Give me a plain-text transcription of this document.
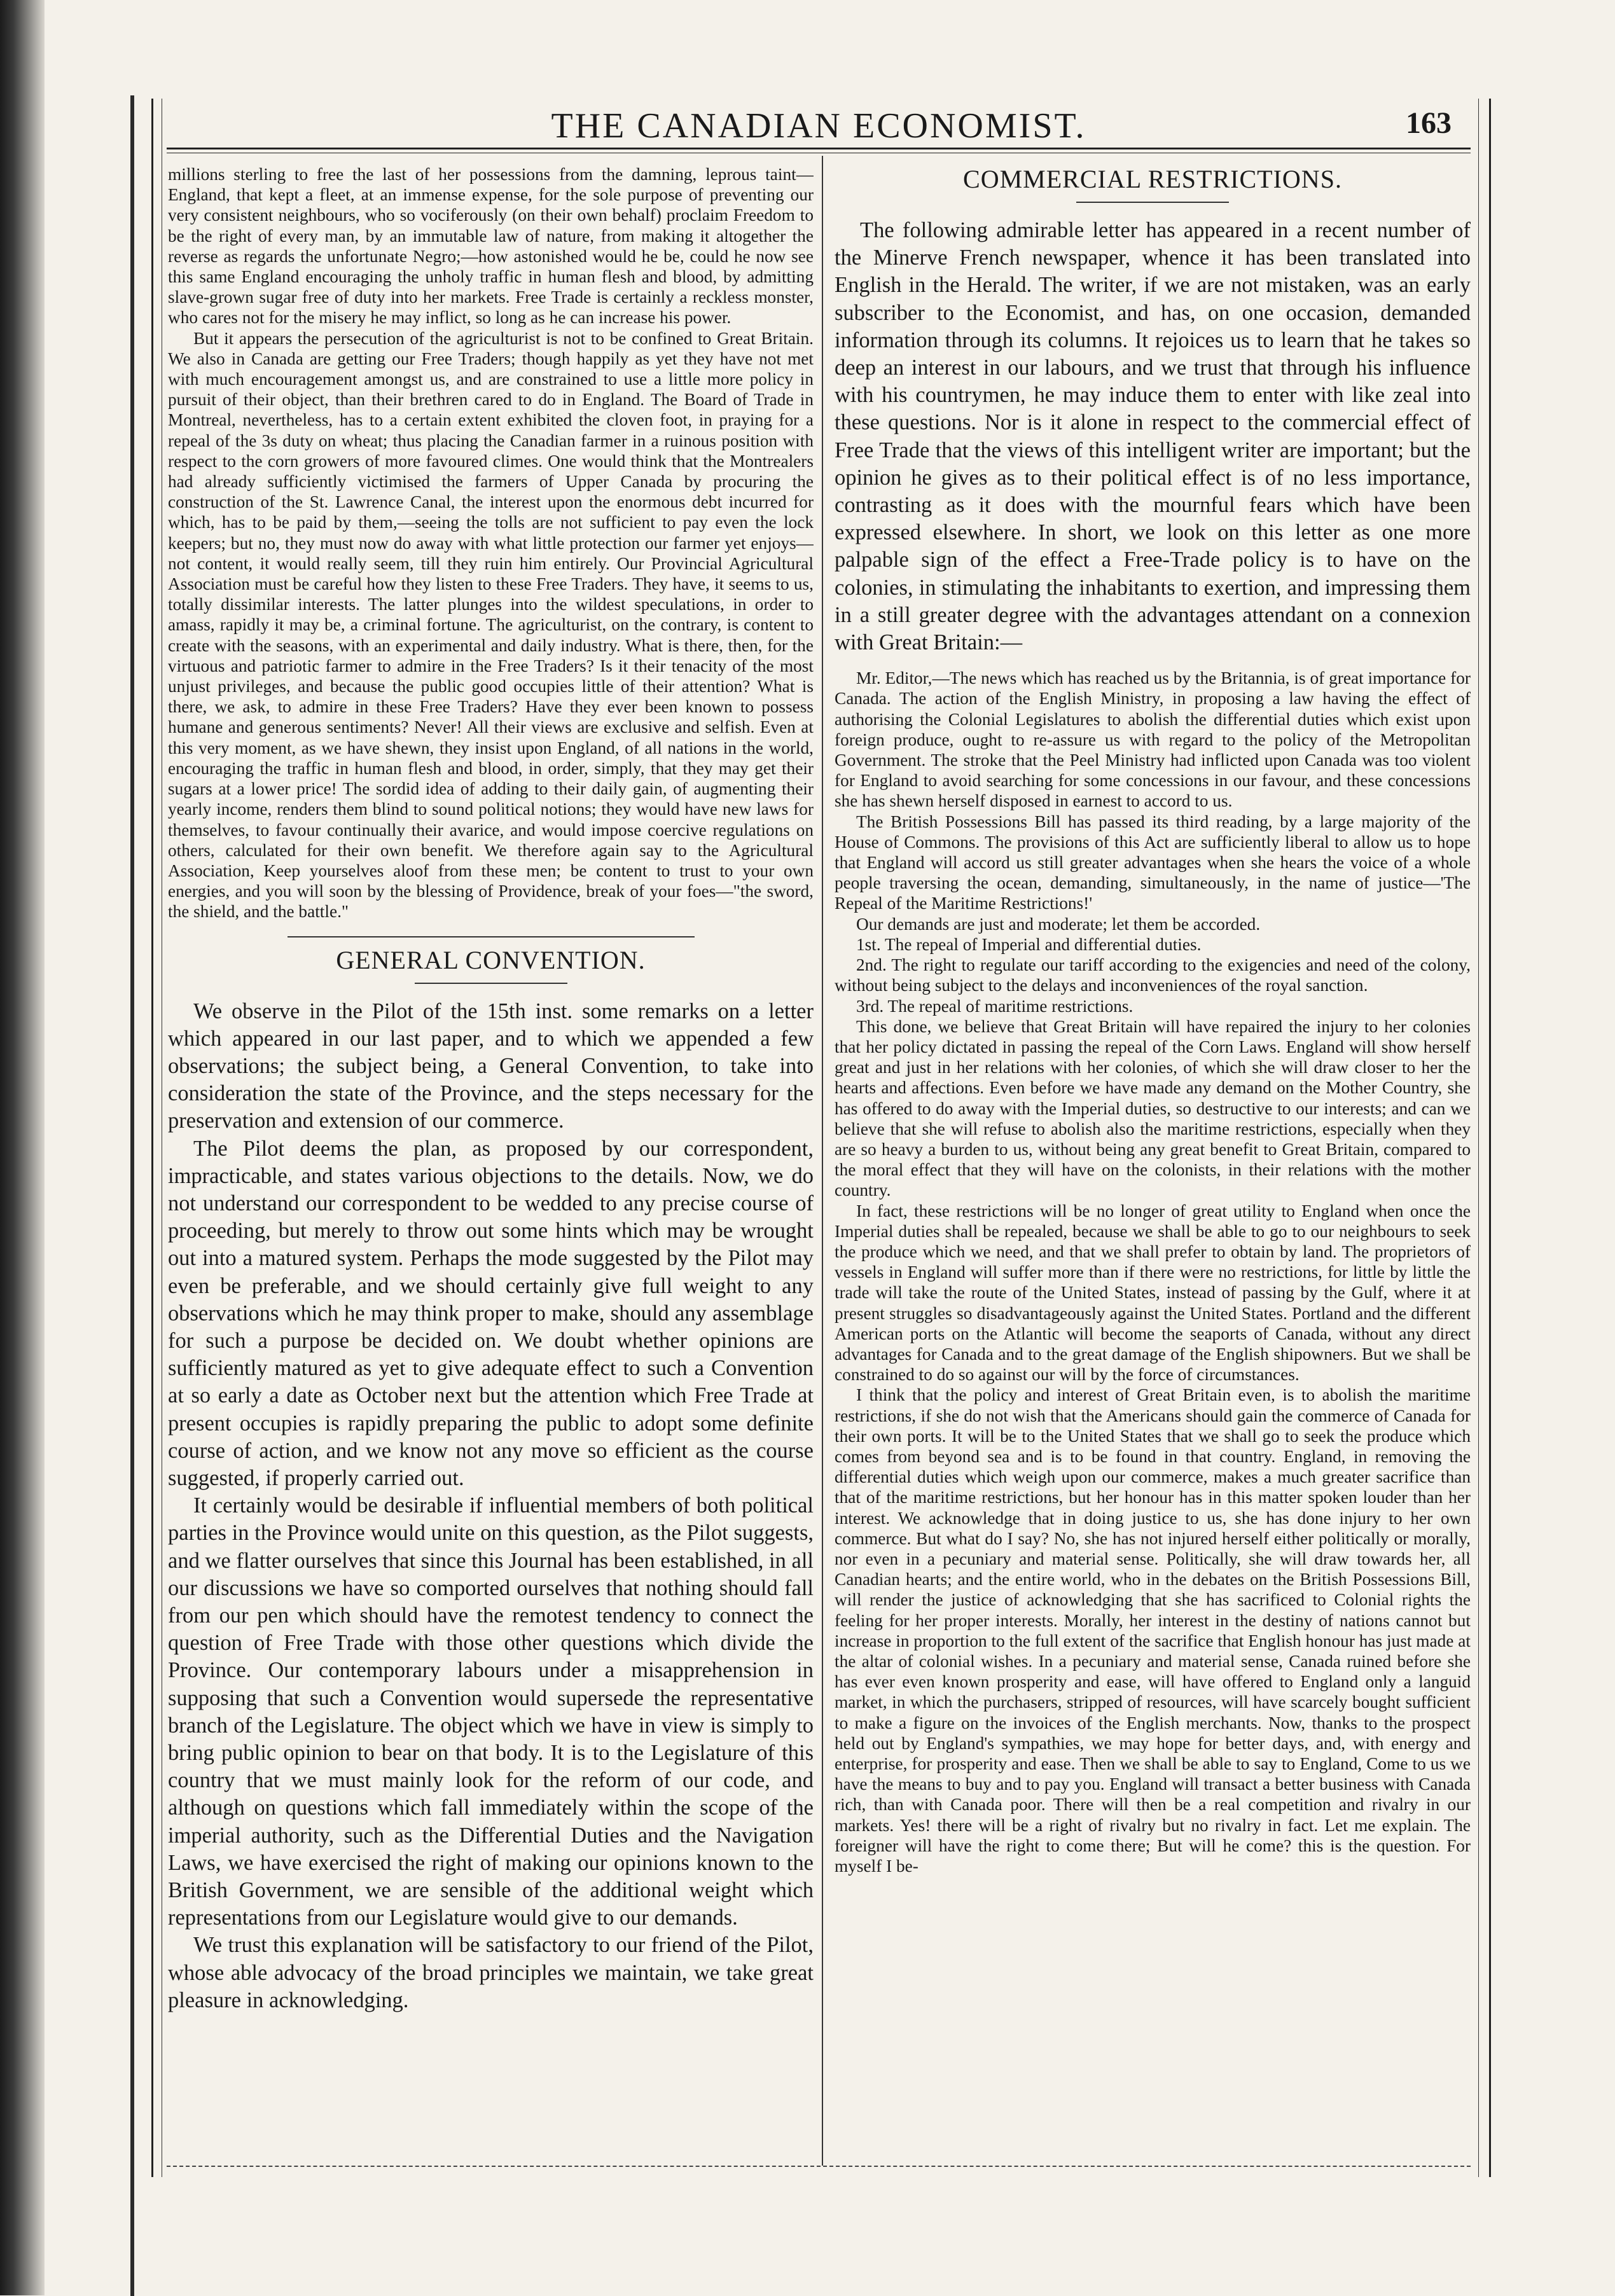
THE CANADIAN ECONOMIST.	163

millions sterling to free the last of her possessions from the damning, leprous taint—England, that kept a fleet, at an immense expense, for the sole purpose of preventing our very consistent neighbours, who so vociferously (on their own behalf) proclaim Freedom to be the right of every man, by an immutable law of nature, from making it altogether the reverse as regards the unfortunate Negro;—how astonished would he be, could he now see this same England encouraging the unholy traffic in human flesh and blood, by admitting slave-grown sugar free of duty into her markets. Free Trade is certainly a reckless monster, who cares not for the misery he may inflict, so long as he can increase his power.

But it appears the persecution of the agriculturist is not to be confined to Great Britain. We also in Canada are getting our Free Traders; though happily as yet they have not met with much encouragement amongst us, and are constrained to use a little more policy in pursuit of their object, than their brethren cared to do in England. The Board of Trade in Montreal, nevertheless, has to a certain extent exhibited the cloven foot, in praying for a repeal of the 3s duty on wheat; thus placing the Canadian farmer in a ruinous position with respect to the corn growers of more favoured climes. One would think that the Montrealers had already sufficiently victimised the farmers of Upper Canada by procuring the construction of the St. Lawrence Canal, the interest upon the enormous debt incurred for which, has to be paid by them,—seeing the tolls are not sufficient to pay even the lock keepers; but no, they must now do away with what little protection our farmer yet enjoys—not content, it would really seem, till they ruin him entirely. Our Provincial Agricultural Association must be careful how they listen to these Free Traders. They have, it seems to us, totally dissimilar interests. The latter plunges into the wildest speculations, in order to amass, rapidly it may be, a criminal fortune. The agriculturist, on the contrary, is content to create with the seasons, with an experimental and daily industry. What is there, then, for the virtuous and patriotic farmer to admire in the Free Traders? Is it their tenacity of the most unjust privileges, and because the public good occupies little of their attention? What is there, we ask, to admire in these Free Traders? Have they ever been known to possess humane and generous sentiments? Never! All their views are exclusive and selfish. Even at this very moment, as we have shewn, they insist upon England, of all nations in the world, encouraging the traffic in human flesh and blood, in order, simply, that they may get their sugars at a lower price! The sordid idea of adding to their daily gain, of augmenting their yearly income, renders them blind to sound political notions; they would have new laws for themselves, to favour continually their avarice, and would impose coercive regulations on others, calculated for their own benefit. We therefore again say to the Agricultural Association, Keep yourselves aloof from these men; be content to trust to your own energies, and you will soon by the blessing of Providence, break of your foes—"the sword, the shield, and the battle."

GENERAL CONVENTION.

We observe in the Pilot of the 15th inst. some remarks on a letter which appeared in our last paper, and to which we appended a few observations; the subject being, a General Convention, to take into consideration the state of the Province, and the steps necessary for the preservation and extension of our commerce.

The Pilot deems the plan, as proposed by our correspondent, impracticable, and states various objections to the details. Now, we do not understand our correspondent to be wedded to any precise course of proceeding, but merely to throw out some hints which may be wrought out into a matured system. Perhaps the mode suggested by the Pilot may even be preferable, and we should certainly give full weight to any observations which he may think proper to make, should any assemblage for such a purpose be decided on. We doubt whether opinions are sufficiently matured as yet to give adequate effect to such a Convention at so early a date as October next but the attention which Free Trade at present occupies is rapidly preparing the public to adopt some definite course of action, and we know not any move so efficient as the course suggested, if properly carried out.

It certainly would be desirable if influential members of both political parties in the Province would unite on this question, as the Pilot suggests, and we flatter ourselves that since this Journal has been established, in all our discussions we have so comported ourselves that nothing should fall from our pen which should have the remotest tendency to connect the question of Free Trade with those other questions which divide the Province. Our contemporary labours under a misapprehension in supposing that such a Convention would supersede the representative branch of the Legislature. The object which we have in view is simply to bring public opinion to bear on that body. It is to the Legislature of this country that we must mainly look for the reform of our code, and although on questions which fall immediately within the scope of the imperial authority, such as the Differential Duties and the Navigation Laws, we have exercised the right of making our opinions known to the British Government, we are sensible of the additional weight which representations from our Legislature would give to our demands.

We trust this explanation will be satisfactory to our friend of the Pilot, whose able advocacy of the broad principles we maintain, we take great pleasure in acknowledging.

COMMERCIAL RESTRICTIONS.

The following admirable letter has appeared in a recent number of the Minerve French newspaper, whence it has been translated into English in the Herald. The writer, if we are not mistaken, was an early subscriber to the Economist, and has, on one occasion, demanded information through its columns. It rejoices us to learn that he takes so deep an interest in our labours, and we trust that through his influence with his countrymen, he may induce them to enter with like zeal into these questions. Nor is it alone in respect to the commercial effect of Free Trade that the views of this intelligent writer are important; but the opinion he gives as to their political effect is of no less importance, contrasting as it does with the mournful fears which have been expressed elsewhere. In short, we look on this letter as one more palpable sign of the effect a Free-Trade policy is to have on the colonies, in stimulating the inhabitants to exertion, and impressing them in a still greater degree with the advantages attendant on a connexion with Great Britain:—

Mr. Editor,—The news which has reached us by the Britannia, is of great importance for Canada. The action of the English Ministry, in proposing a law having the effect of authorising the Colonial Legislatures to abolish the differential duties which exist upon foreign produce, ought to re-assure us with regard to the policy of the Metropolitan Government. The stroke that the Peel Ministry had inflicted upon Canada was too violent for England to avoid searching for some concessions in our favour, and these concessions she has shewn herself disposed in earnest to accord to us.

The British Possessions Bill has passed its third reading, by a large majority of the House of Commons. The provisions of this Act are sufficiently liberal to allow us to hope that England will accord us still greater advantages when she hears the voice of a whole people traversing the ocean, demanding, simultaneously, in the name of justice—'The Repeal of the Maritime Restrictions!'

Our demands are just and moderate; let them be accorded.

1st. The repeal of Imperial and differential duties.

2nd. The right to regulate our tariff according to the exigencies and need of the colony, without being subject to the delays and inconveniences of the royal sanction.

3rd. The repeal of maritime restrictions.

This done, we believe that Great Britain will have repaired the injury to her colonies that her policy dictated in passing the repeal of the Corn Laws. England will show herself great and just in her relations with her colonies, of which she will draw closer to her the hearts and affections. Even before we have made any demand on the Mother Country, she has offered to do away with the Imperial duties, so destructive to our interests; and can we believe that she will refuse to abolish also the maritime restrictions, especially when they are so heavy a burden to us, without being any great benefit to Great Britain, compared to the moral effect that they will have on the colonists, in their relations with the mother country.

In fact, these restrictions will be no longer of great utility to England when once the Imperial duties shall be repealed, because we shall be able to go to our neighbours to seek the produce which we need, and that we shall prefer to obtain by land. The proprietors of vessels in England will suffer more than if there were no restrictions, for little by little the trade will take the route of the United States, instead of passing by the Gulf, where it at present struggles so disadvantageously against the United States. Portland and the different American ports on the Atlantic will become the seaports of Canada, without any direct advantages for Canada and to the great damage of the English shipowners. But we shall be constrained to do so against our will by the force of circumstances.

I think that the policy and interest of Great Britain even, is to abolish the maritime restrictions, if she do not wish that the Americans should gain the commerce of Canada for their own ports. It will be to the United States that we shall go to seek the produce which comes from beyond sea and is to be found in that country. England, in removing the differential duties which weigh upon our commerce, makes a much greater sacrifice than that of the maritime restrictions, but her honour has in this matter spoken louder than her interest. We acknowledge that in doing justice to us, she has done injury to her own commerce. But what do I say? No, she has not injured herself either politically or morally, nor even in a pecuniary and material sense. Politically, she will draw towards her, all Canadian hearts; and the entire world, who in the debates on the British Possessions Bill, will render the justice of acknowledging that she has sacrificed to Colonial rights the feeling for her proper interests. Morally, her interest in the destiny of nations cannot but increase in proportion to the full extent of the sacrifice that English honour has just made at the altar of colonial wishes. In a pecuniary and material sense, Canada ruined before she has ever even known prosperity and ease, will have offered to England only a languid market, in which the purchasers, stripped of resources, will have scarcely bought sufficient to make a figure on the invoices of the English merchants. Now, thanks to the prospect held out by England's sympathies, we may hope for better days, and, with energy and enterprise, for prosperity and ease. Then we shall be able to say to England, Come to us we have the means to buy and to pay you. England will transact a better business with Canada rich, than with Canada poor. There will then be a real competition and rivalry in our markets. Yes! there will be a right of rivalry but no rivalry in fact. Let me explain. The foreigner will have the right to come there; But will he come? this is the question. For myself I be-
